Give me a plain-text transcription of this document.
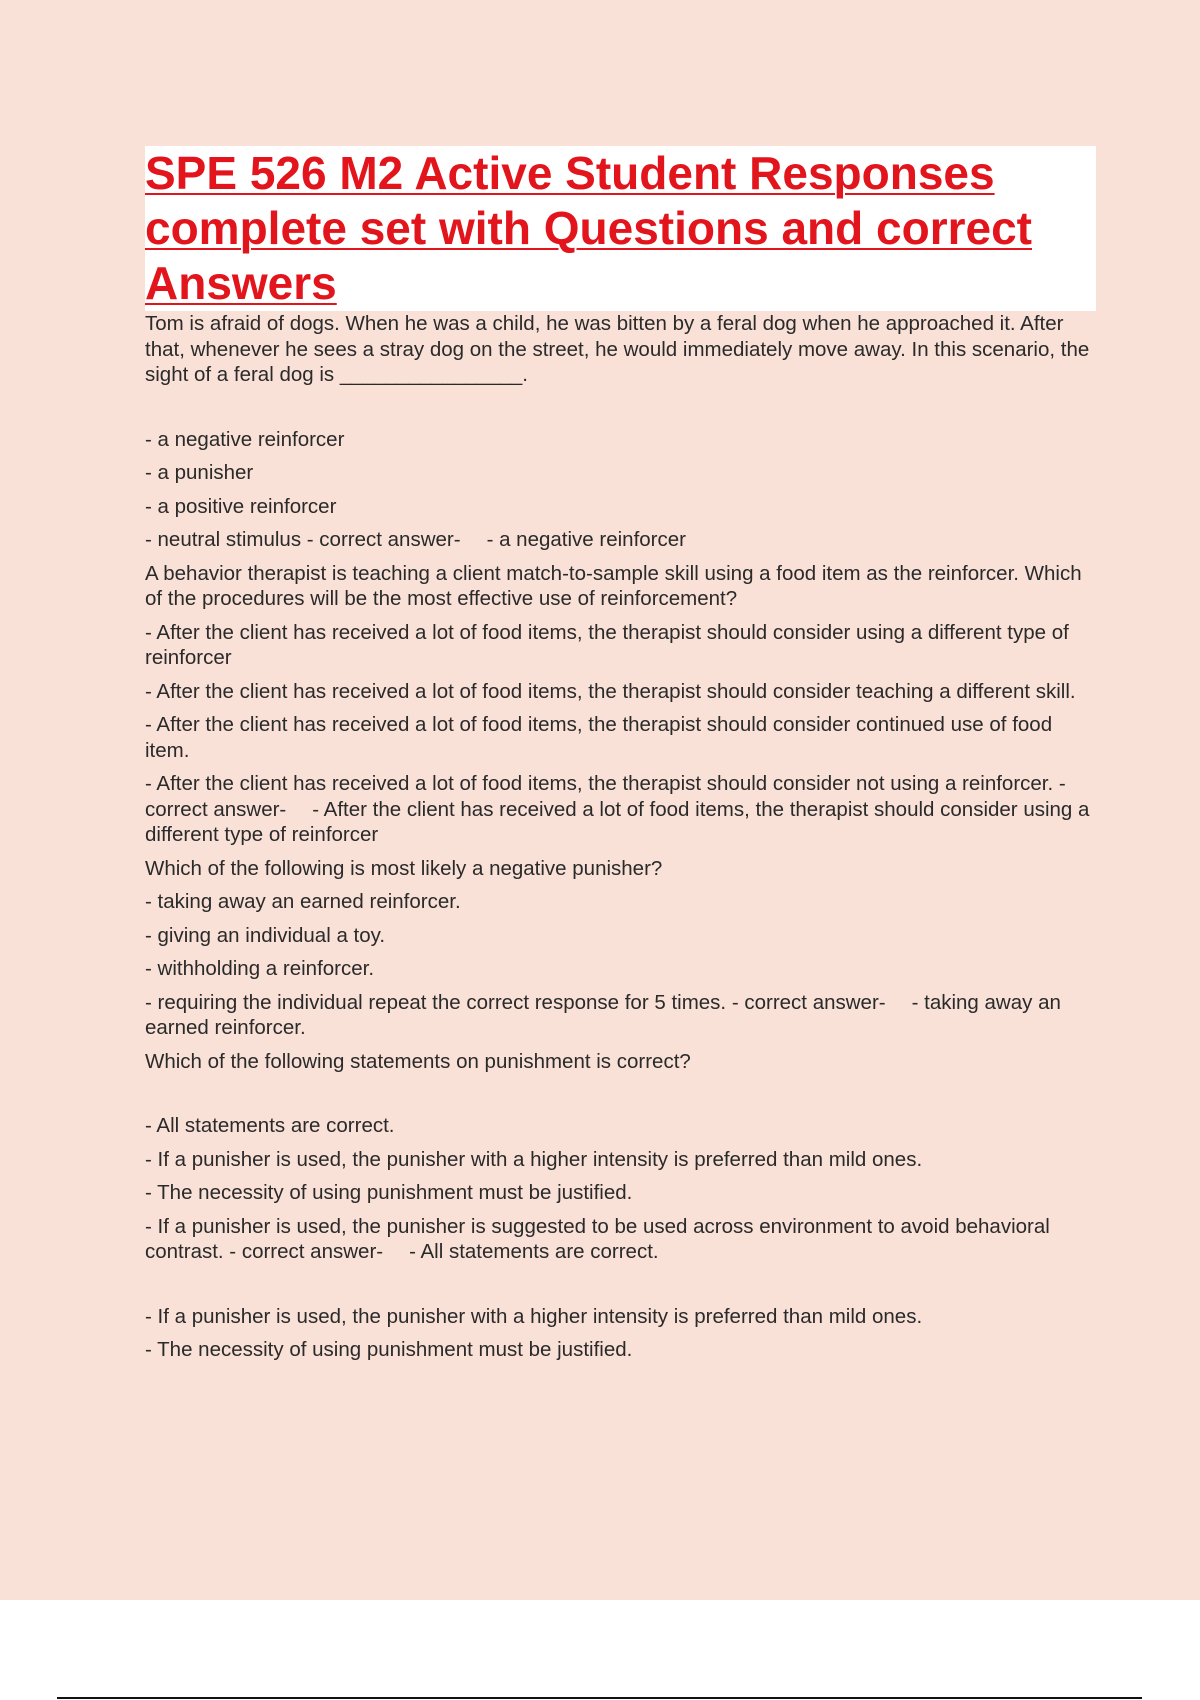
SPE 526 M2 Active Student Responses complete set with Questions and correct Answers

Tom is afraid of dogs. When he was a child, he was bitten by a feral dog when he approached it. After that, whenever he sees a stray dog on the street, he would immediately move away. In this scenario, the sight of a feral dog is ________________.

- a negative reinforcer

- a punisher

- a positive reinforcer

- neutral stimulus - correct answer- - a negative reinforcer

A behavior therapist is teaching a client match-to-sample skill using a food item as the reinforcer. Which of the procedures will be the most effective use of reinforcement?

- After the client has received a lot of food items, the therapist should consider using a different type of reinforcer

- After the client has received a lot of food items, the therapist should consider teaching a different skill.

- After the client has received a lot of food items, the therapist should consider continued use of food item.

- After the client has received a lot of food items, the therapist should consider not using a reinforcer. - correct answer- - After the client has received a lot of food items, the therapist should consider using a different type of reinforcer

Which of the following is most likely a negative punisher?

- taking away an earned reinforcer.

- giving an individual a toy.

- withholding a reinforcer.

- requiring the individual repeat the correct response for 5 times. - correct answer- - taking away an earned reinforcer.

Which of the following statements on punishment is correct?

- All statements are correct.

- If a punisher is used, the punisher with a higher intensity is preferred than mild ones.

- The necessity of using punishment must be justified.

- If a punisher is used, the punisher is suggested to be used across environment to avoid behavioral contrast. - correct answer- - All statements are correct.

- If a punisher is used, the punisher with a higher intensity is preferred than mild ones.

- The necessity of using punishment must be justified.
